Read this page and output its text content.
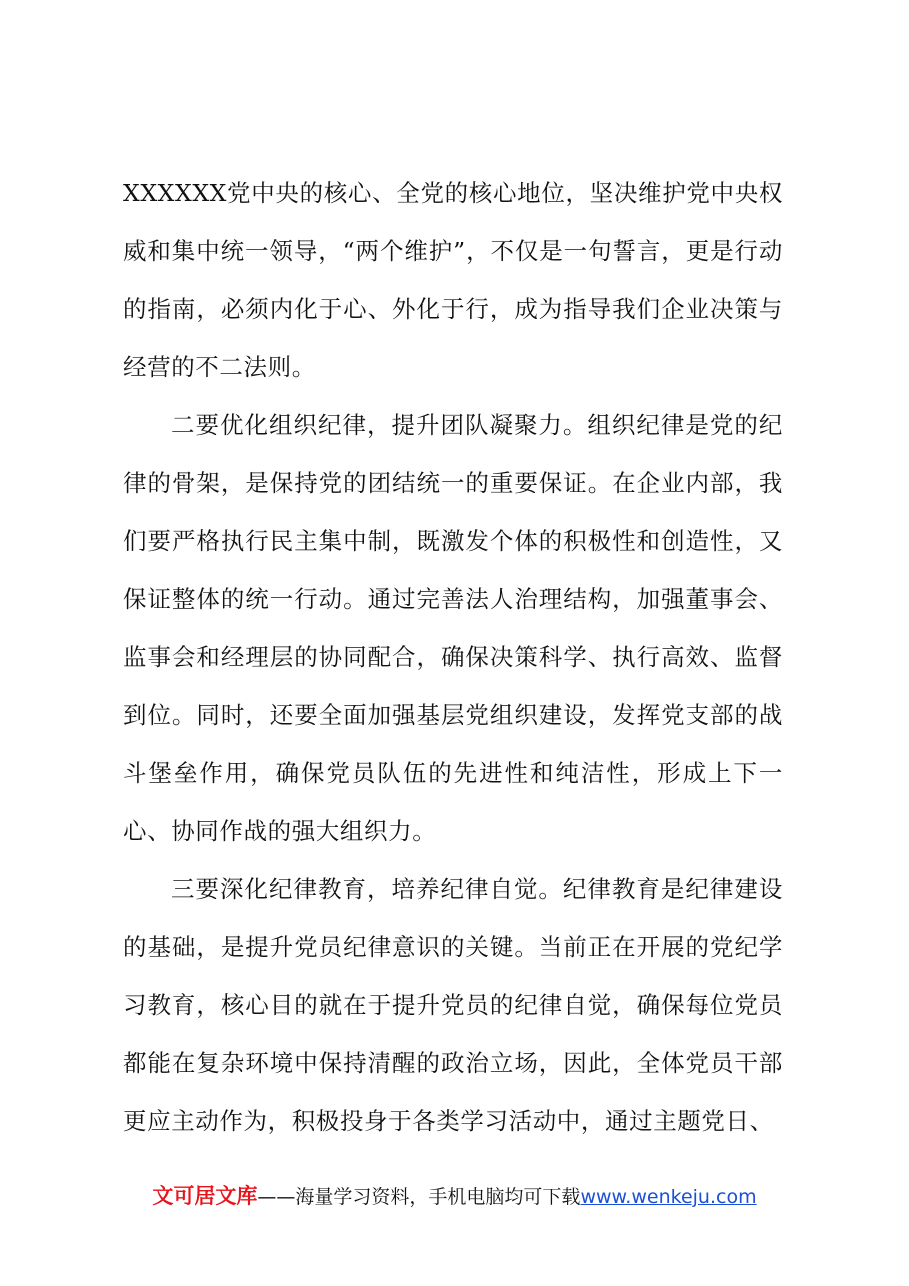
XXXXXX党中央的核心、全党的核心地位，坚决维护党中央权威和集中统一领导，“两个维护”，不仅是一句誓言，更是行动的指南，必须内化于心、外化于行，成为指导我们企业决策与经营的不二法则。

二要优化组织纪律，提升团队凝聚力。组织纪律是党的纪律的骨架，是保持党的团结统一的重要保证。在企业内部，我们要严格执行民主集中制，既激发个体的积极性和创造性，又保证整体的统一行动。通过完善法人治理结构，加强董事会、监事会和经理层的协同配合，确保决策科学、执行高效、监督到位。同时，还要全面加强基层党组织建设，发挥党支部的战斗堡垒作用，确保党员队伍的先进性和纯洁性，形成上下一心、协同作战的强大组织力。

三要深化纪律教育，培养纪律自觉。纪律教育是纪律建设的基础，是提升党员纪律意识的关键。当前正在开展的党纪学习教育，核心目的就在于提升党员的纪律自觉，确保每位党员都能在复杂环境中保持清醒的政治立场，因此，全体党员干部更应主动作为，积极投身于各类学习活动中，通过主题党日、

文可居文库——海量学习资料，手机电脑均可下载www.wenkeju.com
